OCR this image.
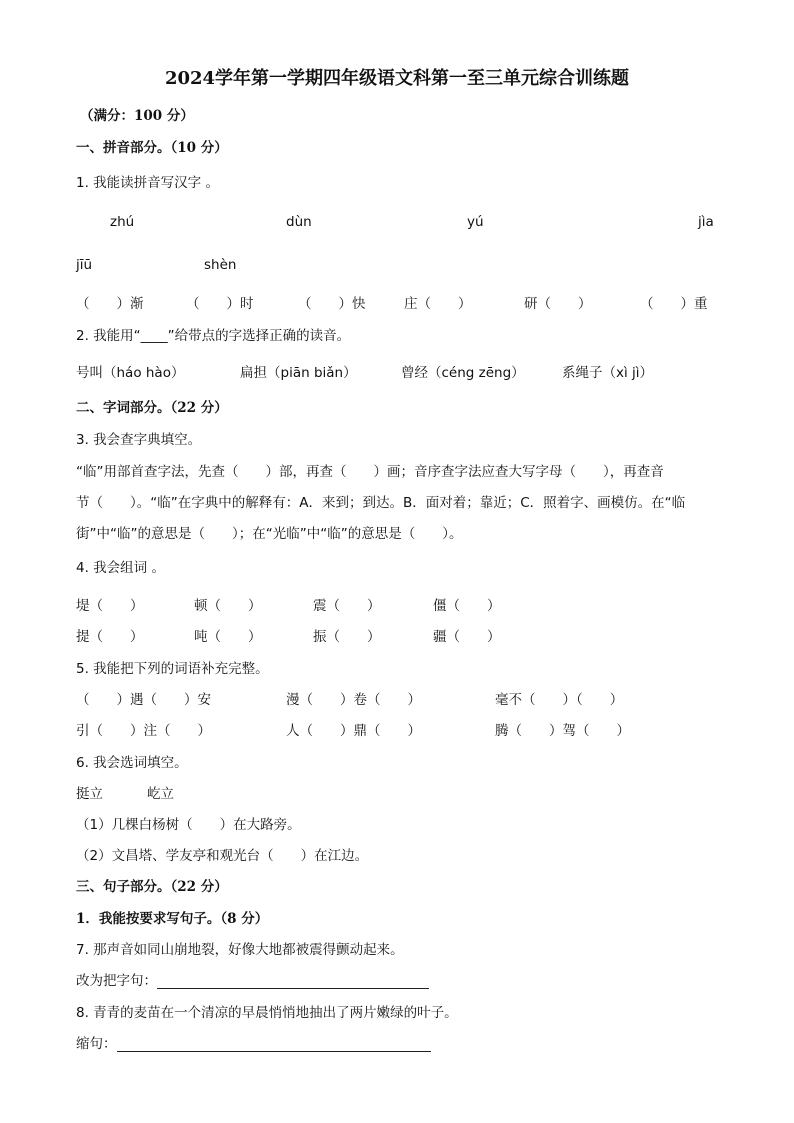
2024学年第一学期四年级语文科第一至三单元综合训练题
（满分：100 分）
一、拼音部分。（10 分）
1. 我能读拼音写汉字 。
zhú	dùn	yú	jìa
jīū	shèn
（　　）渐	（　　）时	（　　）快	庄（　　）	研（　　）	（　　）重
2. 我能用“____”给带点的字选择正确的读音。
号叫（háo hào）	扁担（piān biǎn）	曾经（céng zēng）	系绳子（xì jì）
二、字词部分。（22 分）
3. 我会查字典填空。
“临”用部首查字法，先查（　　）部，再查（　　）画；音序查字法应查大写字母（　　），再查音
节（　　）。“临”在字典中的解释有：A．来到；到达。B．面对着；靠近；C．照着字、画模仿。在“临
街”中“临”的意思是（　　）；在“光临”中“临”的意思是（　　）。
4. 我会组词 。
堤（　　）	顿（　　）	震（　　）	僵（　　）
提（　　）	吨（　　）	振（　　）	疆（　　）
5. 我能把下列的词语补充完整。
（　　）遇（　　）安	漫（　　）卷（　　）	毫不（　　）（　　）
引（　　）注（　　）	人（　　）鼎（　　）	腾（　　）驾（　　）
6. 我会选词填空。
挺立	屹立
（1）几棵白杨树（　　）在大路旁。
（2）文昌塔、学友亭和观光台（　　）在江边。
三、句子部分。（22 分）
1．我能按要求写句子。（8 分）
7. 那声音如同山崩地裂，好像大地都被震得颤动起来。
改为把字句：
8. 青青的麦苗在一个清凉的早晨悄悄地抽出了两片嫩绿的叶子。
缩句：
